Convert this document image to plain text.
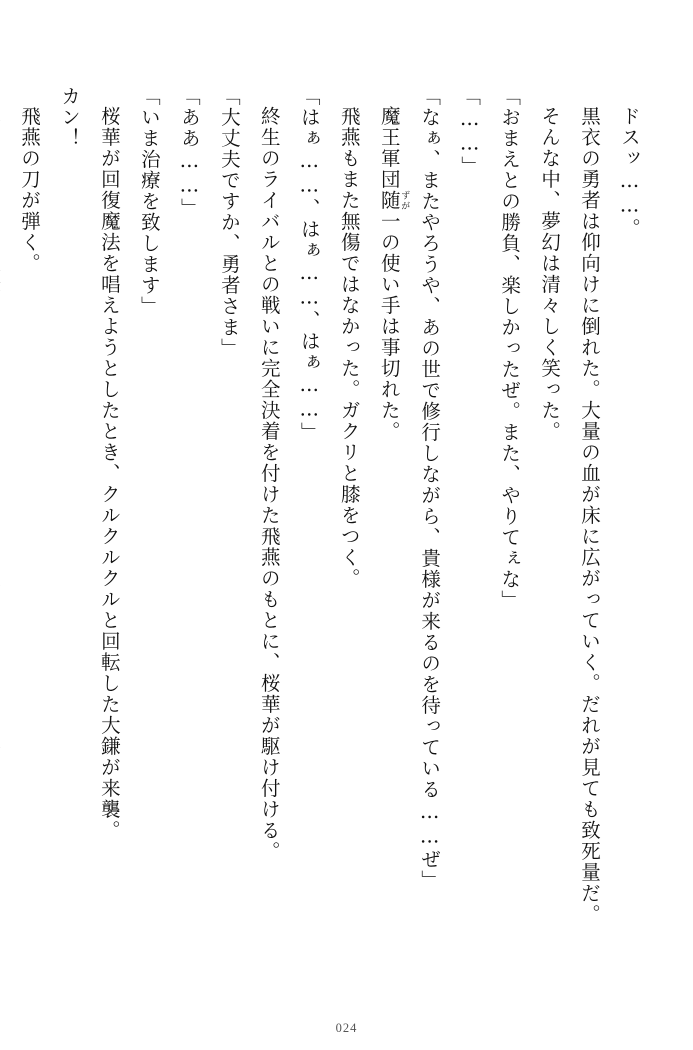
ドスッ……。

黒衣の勇者は仰向けに倒れた。大量の血が床に広がっていく。だれが見ても致死量だ。

そんな中、夢幻は清々しく笑った。

「おまえとの勝負、楽しかったぜ。また、やりてぇな」

「……」

「なぁ、またやろうや、あの世で修行しながら、貴様が来るのを待っている……ぜ」

魔王軍団随ずが一の使い手は事切れた。

飛燕もまた無傷ではなかった。ガクリと膝をつく。

「はぁ……、はぁ……、はぁ……」

終生のライバルとの戦いに完全決着を付けた飛燕のもとに、桜華が駆け付ける。

「大丈夫ですか、勇者さま」

「ああ……」

「いま治療を致します」

桜華が回復魔法を唱えようとしたとき、クルクルクルと回転した大鎌が来襲。

カン！

飛燕の刀が弾く。

024
